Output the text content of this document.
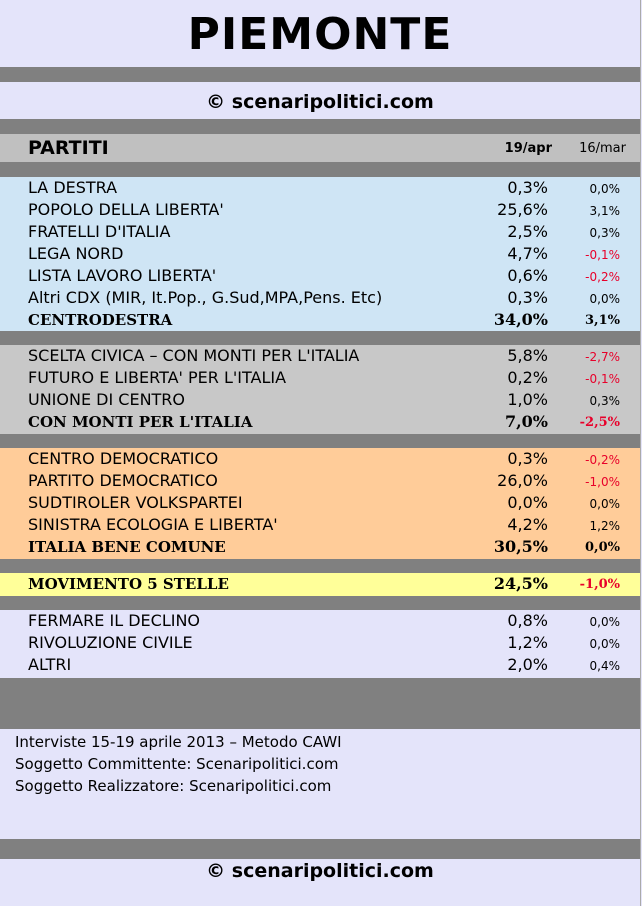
PIEMONTE
© scenaripolitici.com
PARTITI	19/apr	16/mar
LA DESTRA	0,3%	0,0%
POPOLO DELLA LIBERTA'	25,6%	3,1%
FRATELLI D'ITALIA	2,5%	0,3%
LEGA NORD	4,7%	-0,1%
LISTA LAVORO LIBERTA'	0,6%	-0,2%
Altri CDX (MIR, It.Pop., G.Sud,MPA,Pens. Etc)	0,3%	0,0%
CENTRODESTRA	34,0%	3,1%
SCELTA CIVICA – CON MONTI PER L'ITALIA	5,8%	-2,7%
FUTURO E LIBERTA' PER L'ITALIA	0,2%	-0,1%
UNIONE DI CENTRO	1,0%	0,3%
CON MONTI PER L'ITALIA	7,0%	-2,5%
CENTRO DEMOCRATICO	0,3%	-0,2%
PARTITO DEMOCRATICO	26,0%	-1,0%
SUDTIROLER VOLKSPARTEI	0,0%	0,0%
SINISTRA ECOLOGIA E LIBERTA'	4,2%	1,2%
ITALIA BENE COMUNE	30,5%	0,0%
MOVIMENTO 5 STELLE	24,5%	-1,0%
FERMARE IL DECLINO	0,8%	0,0%
RIVOLUZIONE CIVILE	1,2%	0,0%
ALTRI	2,0%	0,4%
Interviste 15-19 aprile 2013 – Metodo CAWI
Soggetto Committente: Scenaripolitici.com
Soggetto Realizzatore: Scenaripolitici.com
© scenaripolitici.com
